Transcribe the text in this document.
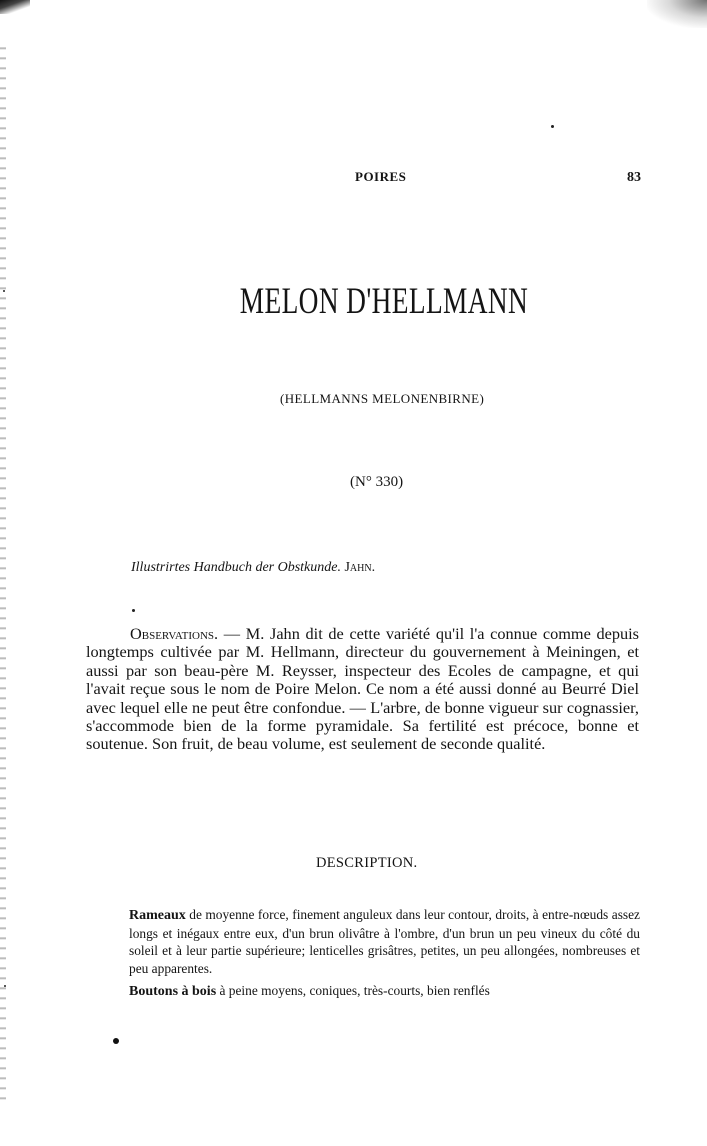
POIRES	83
MELON D'HELLMANN
(HELLMANNS MELONENBIRNE)
(N° 330)
Illustrirtes Handbuch der Obstkunde. Jahn.
Observations. — M. Jahn dit de cette variété qu'il l'a connue comme depuis longtemps cultivée par M. Hellmann, directeur du gouvernement à Meiningen, et aussi par son beau-père M. Reysser, inspecteur des Ecoles de campagne, et qui l'avait reçue sous le nom de Poire Melon. Ce nom a été aussi donné au Beurré Diel avec lequel elle ne peut être confondue. — L'arbre, de bonne vigueur sur cognassier, s'accommode bien de la forme pyramidale. Sa fertilité est précoce, bonne et soutenue. Son fruit, de beau volume, est seulement de seconde qualité.
DESCRIPTION.

Rameaux de moyenne force, finement anguleux dans leur contour, droits, à entre-nœuds assez longs et inégaux entre eux, d'un brun olivâtre à l'ombre, d'un brun un peu vineux du côté du soleil et à leur partie supérieure; lenticelles grisâtres, petites, un peu allongées, nombreuses et peu apparentes.

Boutons à bois à peine moyens, coniques, très-courts, bien renflés
